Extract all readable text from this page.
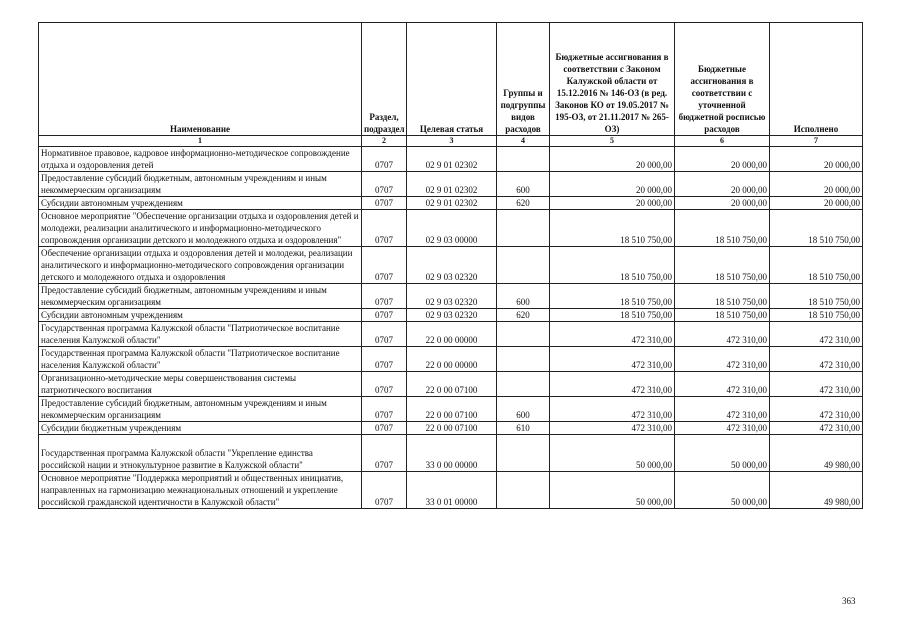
Наименование	Раздел, подраздел	Целевая статья	Группы и подгруппы видов расходов	Бюджетные ассигнования в соответствии с Законом Калужской области от 15.12.2016 № 146-ОЗ (в ред. Законов КО от 19.05.2017 № 195-ОЗ, от 21.11.2017 № 265-ОЗ)	Бюджетные ассигнования в соответствии с уточненной бюджетной росписью расходов	Исполнено
1	2	3	4	5	6	7
Нормативное правовое, кадровое информационно-методическое сопровождение отдыха и оздоровления детей	0707	02 9 01 02302		20 000,00	20 000,00	20 000,00
Предоставление субсидий бюджетным, автономным учреждениям и иным некоммерческим организациям	0707	02 9 01 02302	600	20 000,00	20 000,00	20 000,00
Субсидии автономным учреждениям	0707	02 9 01 02302	620	20 000,00	20 000,00	20 000,00
Основное мероприятие "Обеспечение организации отдыха и оздоровления детей и молодежи, реализации аналитического и информационно-методического сопровождения организации детского и молодежного отдыха и оздоровления"	0707	02 9 03 00000		18 510 750,00	18 510 750,00	18 510 750,00
Обеспечение организации отдыха и оздоровления детей и молодежи, реализации аналитического и информационно-методического сопровождения организации детского и молодежного отдыха и оздоровления	0707	02 9 03 02320		18 510 750,00	18 510 750,00	18 510 750,00
Предоставление субсидий бюджетным, автономным учреждениям и иным некоммерческим организациям	0707	02 9 03 02320	600	18 510 750,00	18 510 750,00	18 510 750,00
Субсидии автономным учреждениям	0707	02 9 03 02320	620	18 510 750,00	18 510 750,00	18 510 750,00
Государственная программа Калужской области "Патриотическое воспитание населения Калужской области"	0707	22 0 00 00000		472 310,00	472 310,00	472 310,00
Государственная программа Калужской области "Патриотическое воспитание населения Калужской области"	0707	22 0 00 00000		472 310,00	472 310,00	472 310,00
Организационно-методические меры совершенствования системы патриотического воспитания	0707	22 0 00 07100		472 310,00	472 310,00	472 310,00
Предоставление субсидий бюджетным, автономным учреждениям и иным некоммерческим организациям	0707	22 0 00 07100	600	472 310,00	472 310,00	472 310,00
Субсидии бюджетным учреждениям	0707	22 0 00 07100	610	472 310,00	472 310,00	472 310,00
Государственная программа Калужской области "Укрепление единства российской нации и этнокультурное развитие в Калужской области"	0707	33 0 00 00000		50 000,00	50 000,00	49 980,00
Основное мероприятие "Поддержка мероприятий и общественных инициатив, направленных на гармонизацию межнациональных отношений и укрепление российской гражданской идентичности в Калужской области"	0707	33 0 01 00000		50 000,00	50 000,00	49 980,00
363
